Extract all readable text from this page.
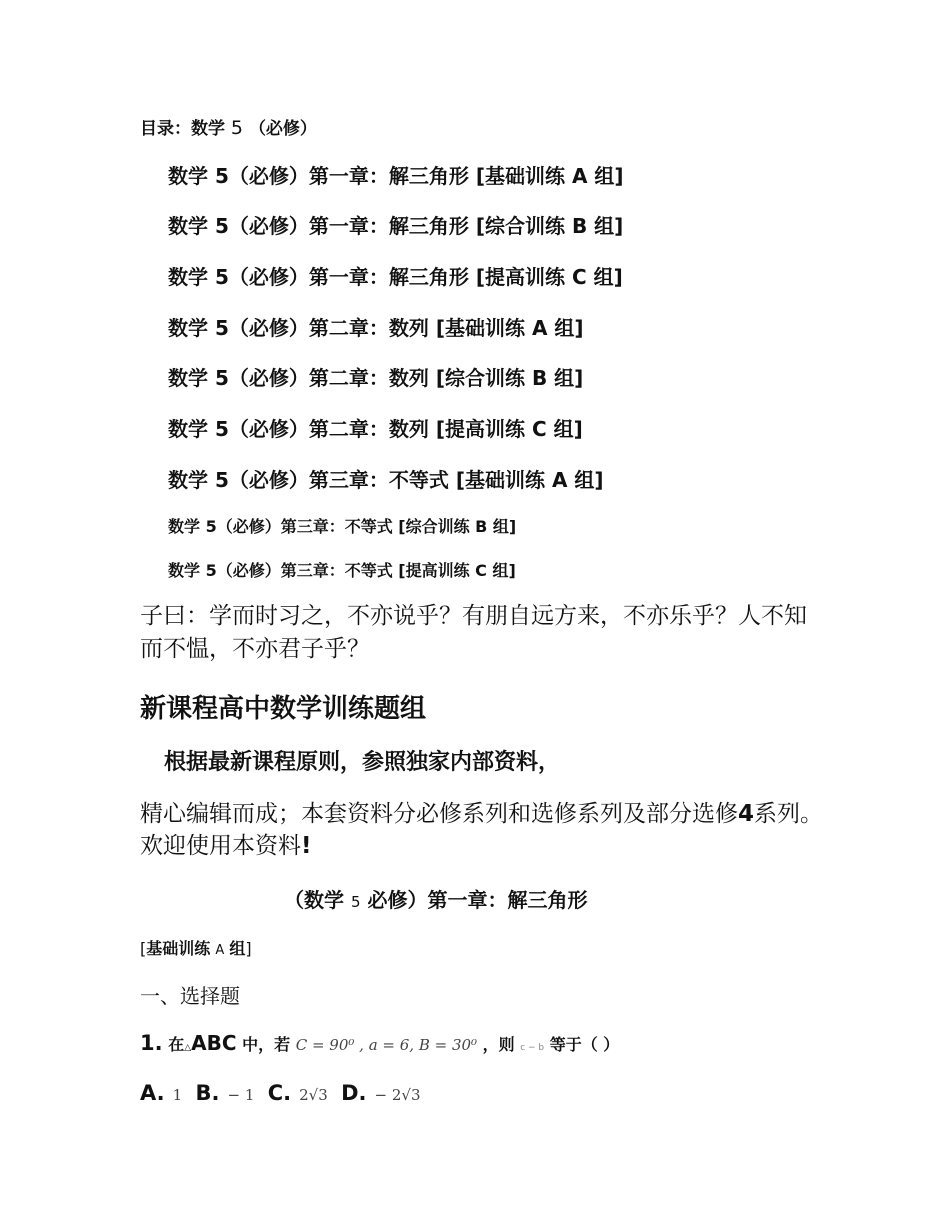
目录：数学 5 （必修）
数学 5（必修）第一章：解三角形 [基础训练 A 组]
数学 5（必修）第一章：解三角形 [综合训练 B 组]
数学 5（必修）第一章：解三角形 [提高训练 C 组]
数学 5（必修）第二章：数列 [基础训练 A 组]
数学 5（必修）第二章：数列 [综合训练 B 组]
数学 5（必修）第二章：数列 [提高训练 C 组]
数学 5（必修）第三章：不等式 [基础训练 A 组]
数学 5（必修）第三章：不等式 [综合训练 B 组]
数学 5（必修）第三章：不等式 [提高训练 C 组]
子曰：学而时习之，不亦说乎？有朋自远方来，不亦乐乎？人不知而不愠，不亦君子乎？
新课程高中数学训练题组
根据最新课程原则，参照独家内部资料，
精心编辑而成；本套资料分必修系列和选修系列及部分选修4系列。欢迎使用本资料!
（数学 5 必修）第一章：解三角形
[基础训练 A 组]
一、选择题
1. 在△ABC 中，若 C = 90⁰ , a = 6, B = 30⁰ ，则 c − b 等于（ ）
A. 1 B. − 1 C. 2√3 D. − 2√3
